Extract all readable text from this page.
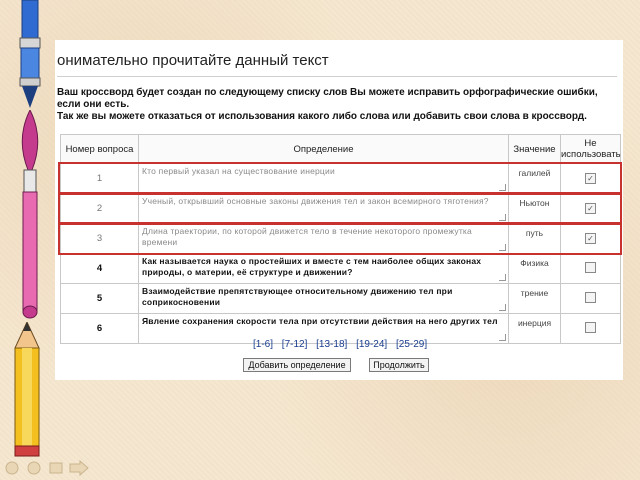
онимательно прочитайте данный текст
Ваш кроссворд будет создан по следующему списку слов Вы можете исправить орфографические ошибки,
если они есть.
Так же вы можете отказаться от использования какого либо слова или добавить свои слова в кроссворд.
Номер вопроса	Определение	Значение	Не использовать
1	Кто первый указал на существование инерции	галилей	✓
2	Ученый, открывший основные законы движения тел и закон всемирного тяготения?	Ньютон	✓
3	Длина траектории, по которой движется тело в течение некоторого промежутка времени	путь	✓
4	Как называется наука о простейших и вместе с тем наиболее общих законах природы, о материи, её структуре и движении?	Физика	

5	Взаимодействие препятствующее относительному движению тел при соприкосновении	трение	

6	Явление сохранения скорости тела при отсутствии действия на него других тел	инерция	

[1-6] [7-12] [13-18] [19-24] [25-29]
Добавить определение	Продолжить
